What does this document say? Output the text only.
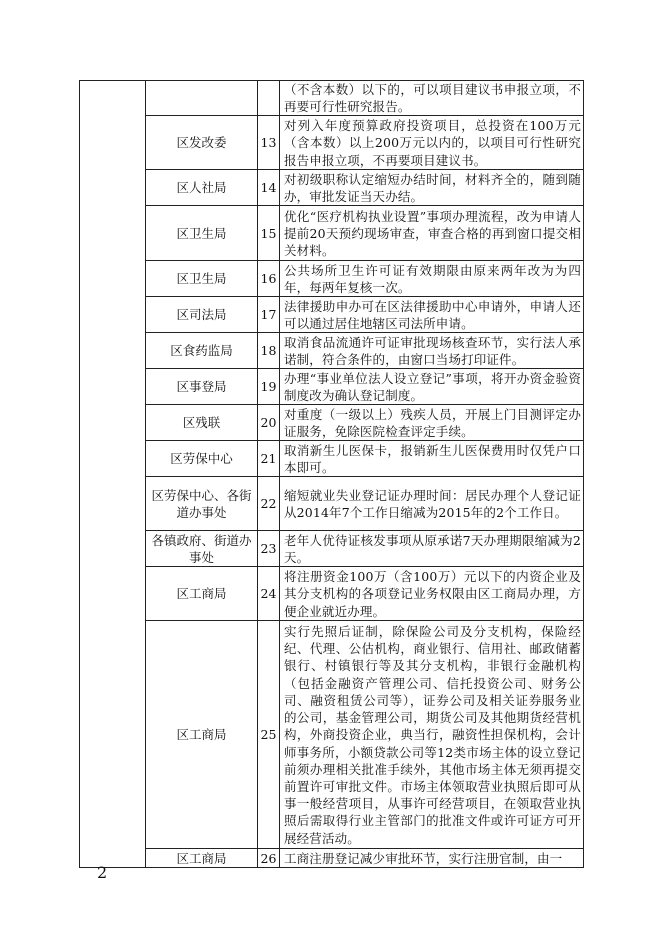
			（不含本数）以下的，可以项目建议书申报立项，不再要可行性研究报告。
	区发改委	13	对列入年度预算政府投资项目，总投资在100万元（含本数）以上200万元以内的，以项目可行性研究报告申报立项，不再要项目建议书。
	区人社局	14	对初级职称认定缩短办结时间，材料齐全的，随到随办，审批发证当天办结。
	区卫生局	15	优化“医疗机构执业设置”事项办理流程，改为申请人提前20天预约现场审查，审查合格的再到窗口提交相关材料。
	区卫生局	16	公共场所卫生许可证有效期限由原来两年改为为四年，每两年复核一次。
	区司法局	17	法律援助申办可在区法律援助中心申请外，申请人还可以通过居住地辖区司法所申请。
	区食药监局	18	取消食品流通许可证审批现场核查环节，实行法人承诺制，符合条件的，由窗口当场打印证件。
	区事登局	19	办理“事业单位法人设立登记”事项，将开办资金验资制度改为确认登记制度。
	区残联	20	对重度（一级以上）残疾人员，开展上门目测评定办证服务，免除医院检查评定手续。
	区劳保中心	21	取消新生儿医保卡，报销新生儿医保费用时仅凭户口本即可。
	区劳保中心、各街道办事处	22	缩短就业失业登记证办理时间：居民办理个人登记证从2014年7个工作日缩减为2015年的2个工作日。
	各镇政府、街道办事处	23	老年人优待证核发事项从原承诺7天办理期限缩减为2天。
	区工商局	24	将注册资金100万（含100万）元以下的内资企业及其分支机构的各项登记业务权限由区工商局办理，方便企业就近办理。
	区工商局	25	实行先照后证制，除保险公司及分支机构，保险经纪、代理、公估机构，商业银行、信用社、邮政储蓄银行、村镇银行等及其分支机构，非银行金融机构（包括金融资产管理公司、信托投资公司、财务公司、融资租赁公司等），证券公司及相关证券服务业的公司，基金管理公司，期货公司及其他期货经营机构，外商投资企业，典当行，融资性担保机构，会计师事务所，小额贷款公司等12类市场主体的设立登记前须办理相关批准手续外，其他市场主体无须再提交前置许可审批文件。市场主体领取营业执照后即可从事一般经营项目，从事许可经营项目，在领取营业执照后需取得行业主管部门的批准文件或许可证方可开展经营活动。
	区工商局	26	工商注册登记减少审批环节，实行注册官制，由一
2
